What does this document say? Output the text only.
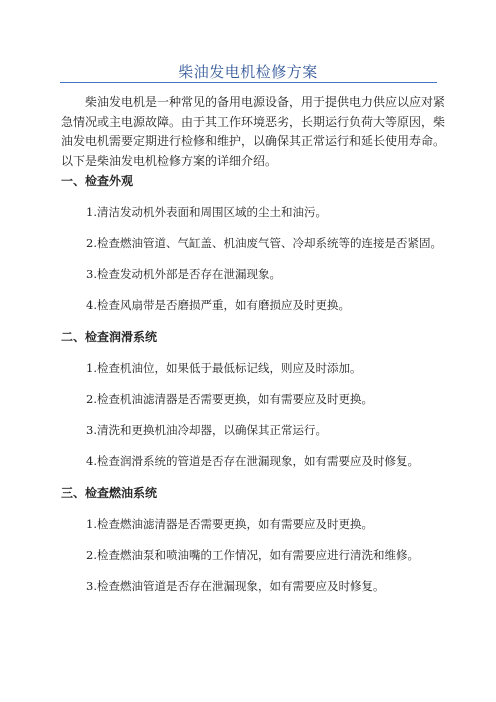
柴油发电机检修方案

柴油发电机是一种常见的备用电源设备，用于提供电力供应以应对紧
急情况或主电源故障。由于其工作环境恶劣，长期运行负荷大等原因，柴
油发电机需要定期进行检修和维护，以确保其正常运行和延长使用寿命。
以下是柴油发电机检修方案的详细介绍。

一、检查外观

1.清洁发动机外表面和周围区域的尘土和油污。

2.检查燃油管道、气缸盖、机油废气管、冷却系统等的连接是否紧固。

3.检查发动机外部是否存在泄漏现象。

4.检查风扇带是否磨损严重，如有磨损应及时更换。

二、检查润滑系统

1.检查机油位，如果低于最低标记线，则应及时添加。

2.检查机油滤清器是否需要更换，如有需要应及时更换。

3.清洗和更换机油冷却器，以确保其正常运行。

4.检查润滑系统的管道是否存在泄漏现象，如有需要应及时修复。

三、检查燃油系统

1.检查燃油滤清器是否需要更换，如有需要应及时更换。

2.检查燃油泵和喷油嘴的工作情况，如有需要应进行清洗和维修。

3.检查燃油管道是否存在泄漏现象，如有需要应及时修复。
